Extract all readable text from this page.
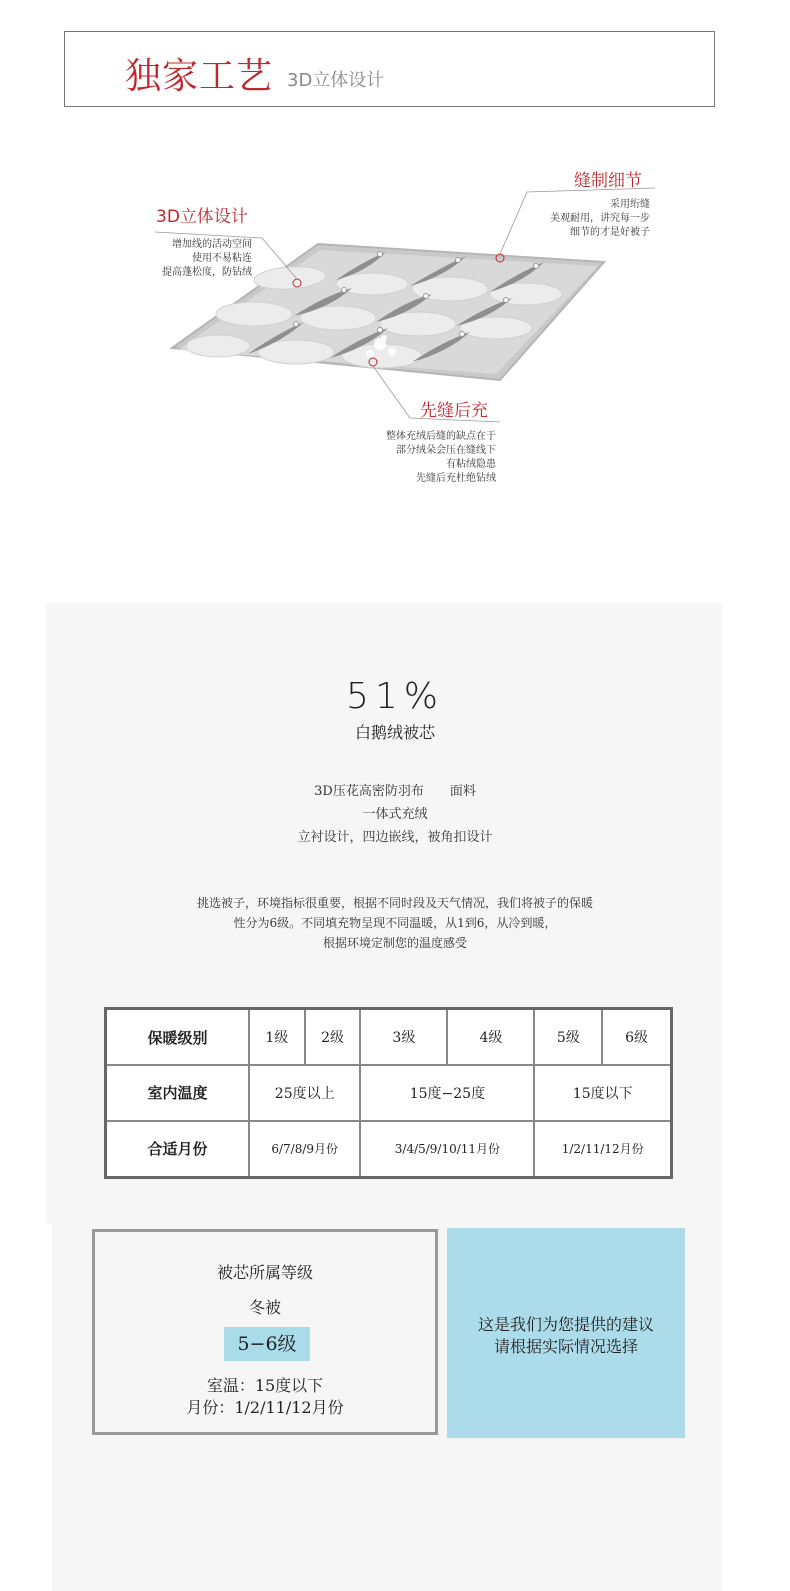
独家工艺 3D立体设计
3D立体设计
增加线的活动空间
使用不易粘连
提高蓬松度，防钻绒
缝制细节
采用绗缝
美观耐用，讲究每一步
细节的才是好被子
先缝后充
整体充绒后缝的缺点在于
部分绒朵会压在缝线下
有粘绒隐患
先缝后充杜绝钻绒
51%
白鹅绒被芯
3D压花高密防羽布　　面料
一体式充绒
立衬设计，四边嵌线，被角扣设计
挑选被子，环境指标很重要，根据不同时段及天气情况，我们将被子的保暖
性分为6级。不同填充物呈现不同温暖，从1到6，从冷到暖，
根据环境定制您的温度感受
保暖级别	1级	2级	3级	4级	5级	6级
室内温度	25度以上		15度−25度		15度以下	
合适月份	6/7/8/9月份		3/4/5/9/10/11月份		1/2/11/12月份	
被芯所属等级
冬被
5−6级
室温：15度以下
月份：1/2/11/12月份
这是我们为您提供的建议
请根据实际情况选择
